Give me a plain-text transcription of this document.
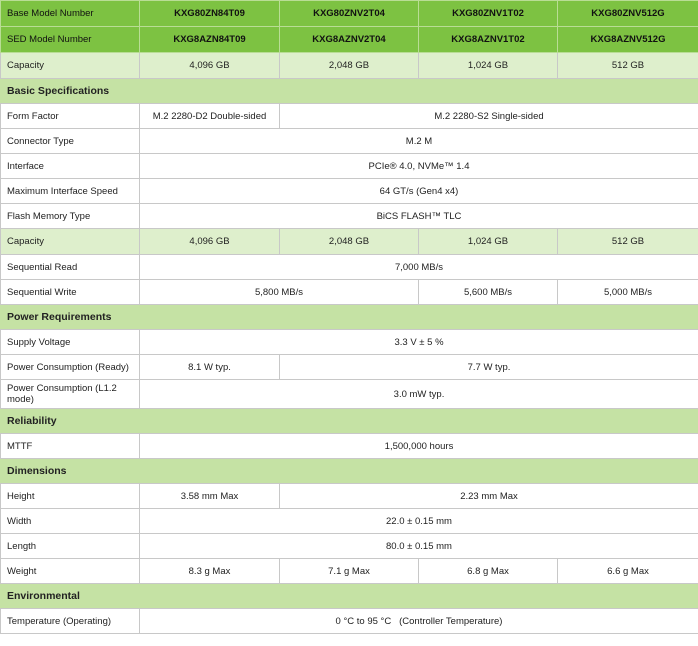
Base Model Number	KXG80ZN84T09	KXG80ZNV2T04	KXG80ZNV1T02	KXG80ZNV512G
SED Model Number	KXG8AZN84T09	KXG8AZNV2T04	KXG8AZNV1T02	KXG8AZNV512G
Capacity	4,096 GB	2,048 GB	1,024 GB	512 GB
Basic Specifications				
Form Factor	M.2 2280-D2 Double-sided	M.2 2280-S2 Single-sided		
Connector Type	M.2 M			
Interface	PCIe® 4.0, NVMe™ 1.4			
Maximum Interface Speed	64 GT/s (Gen4 x4)			
Flash Memory Type	BiCS FLASH™ TLC			
Capacity	4,096 GB	2,048 GB	1,024 GB	512 GB
Sequential Read	7,000 MB/s			
Sequential Write	5,800 MB/s		5,600 MB/s	5,000 MB/s
Power Requirements				
Supply Voltage	3.3 V ± 5 %			
Power Consumption (Ready)	8.1 W typ.	7.7 W typ.		
Power Consumption (L1.2 mode)	3.0 mW typ.			
Reliability				
MTTF	1,500,000 hours			
Dimensions				
Height	3.58 mm Max	2.23 mm Max		
Width	22.0 ± 0.15 mm			
Length	80.0 ± 0.15 mm			
Weight	8.3 g Max	7.1 g Max	6.8 g Max	6.6 g Max
Environmental				
Temperature (Operating)	0 °C to 95 °C   (Controller Temperature)			
